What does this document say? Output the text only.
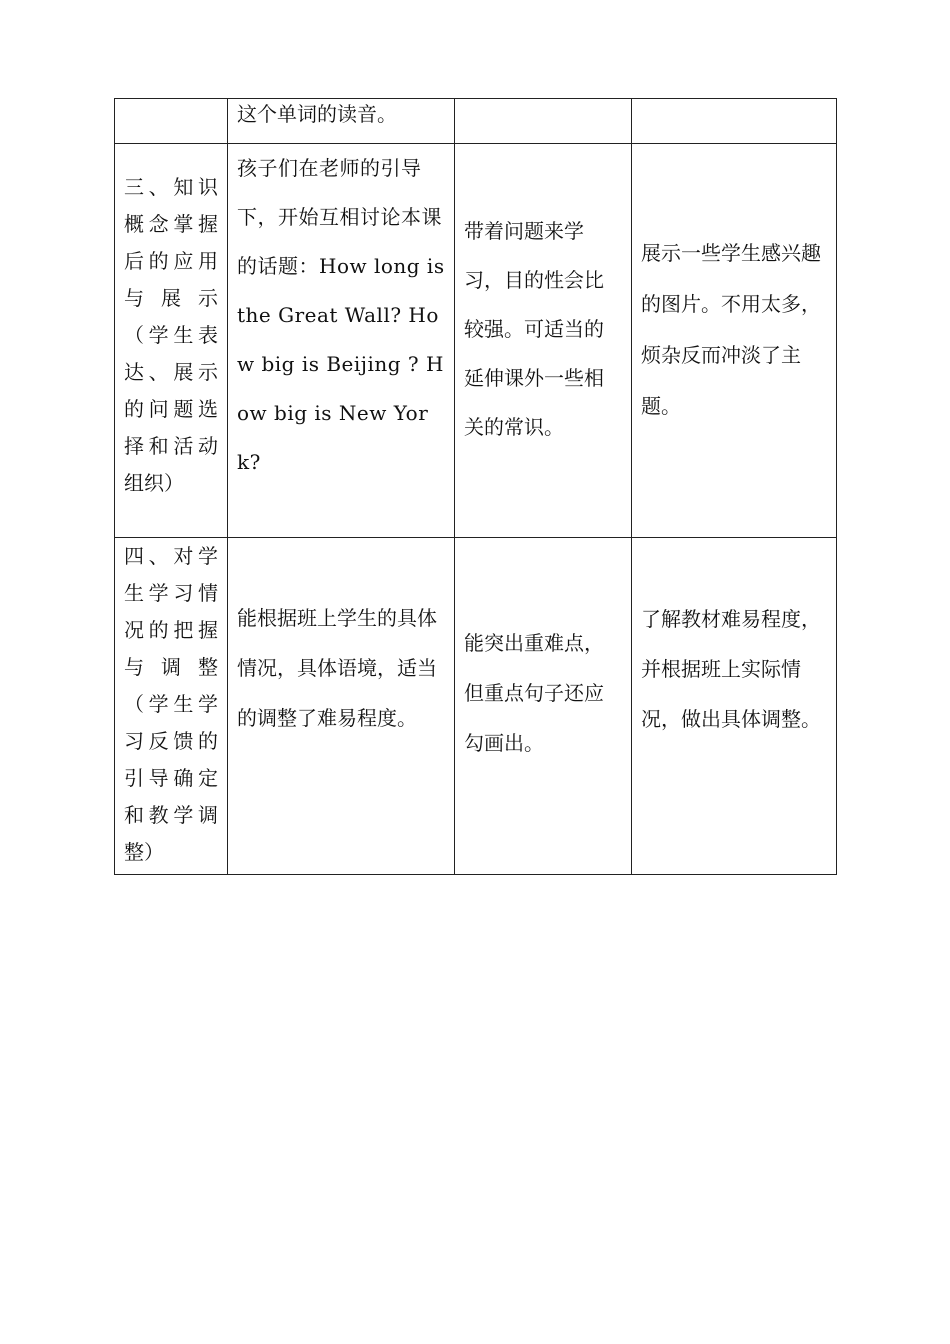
	这个单词的读音。		

三、知识概念掌握后的应用与 展 示（学生表达、展示的问题选择和活动组织）	孩子们在老师的引导下，开始互相讨论本课的话题：How long is the Great Wall? How big is Beijing ? How big is New York?	带着问题来学习，目的性会比较强。可适当的延伸课外一些相关的常识。	展示一些学生感兴趣的图片。不用太多，烦杂反而冲淡了主题。

四、对学生学习情况的把握与 调 整（学生学习反馈的引导确定和教学调整）	能根据班上学生的具体情况，具体语境，适当的调整了难易程度。	能突出重难点，但重点句子还应勾画出。	了解教材难易程度，并根据班上实际情况，做出具体调整。
